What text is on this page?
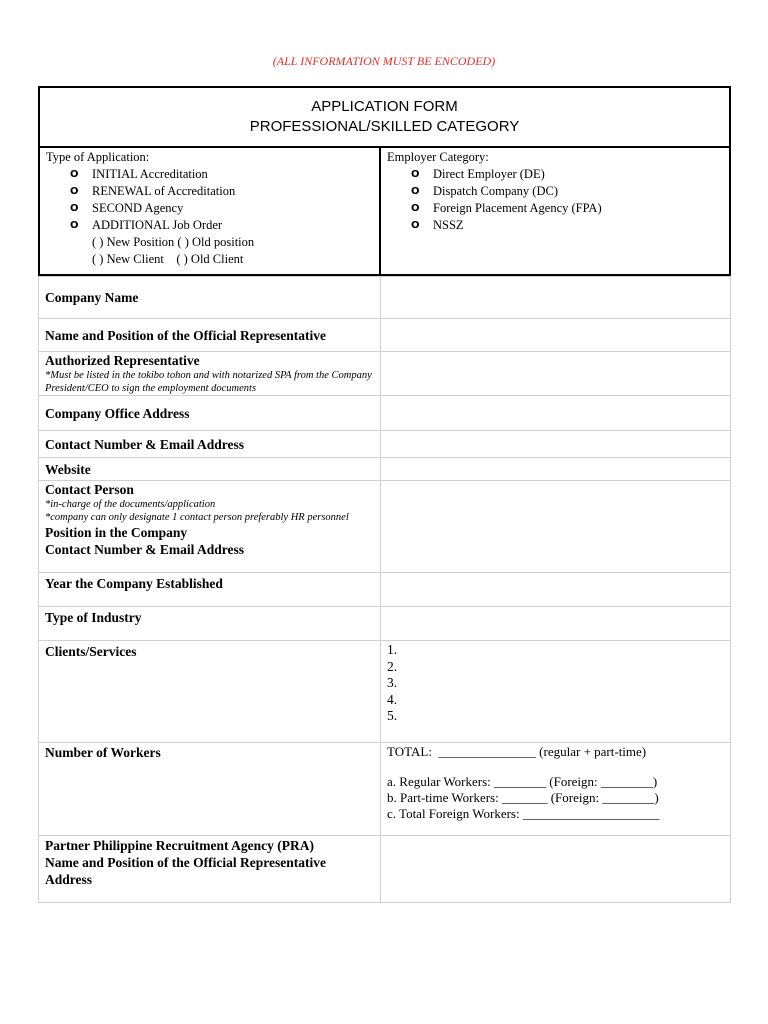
(ALL INFORMATION MUST BE ENCODED)
APPLICATION FORM
PROFESSIONAL/SKILLED CATEGORY
Type of Application:
O	INITIAL Accreditation
O	RENEWAL of Accreditation
O	SECOND Agency
O	ADDITIONAL Job Order
( ) New Position ( ) Old position
( ) New Client    ( ) Old Client
Employer Category:
O	Direct Employer (DE)
O	Dispatch Company (DC)
O	Foreign Placement Agency (FPA)
O	NSSZ
Company Name	
Name and Position of the Official Representative	

Authorized Representative
*Must be listed in the tokibo tohon and with notarized SPA from the Company President/CEO to sign the employment documents	

Company Office Address	
Contact Number & Email Address	
Website	

Contact Person
*in-charge of the documents/application
*company can only designate 1 contact person preferably HR personnel
Position in the Company
Contact Number & Email Address	

Year the Company Established	
Type of Industry	
Clients/Services	1.
2.
3.
4.
5.

Number of Workers	TOTAL:  _______________ (regular + part-time)
a. Regular Workers: ________ (Foreign: ________)
b. Part-time Workers: _______ (Foreign: ________)
c. Total Foreign Workers: _____________________

Partner Philippine Recruitment Agency (PRA)
Name and Position of the Official Representative
Address	
